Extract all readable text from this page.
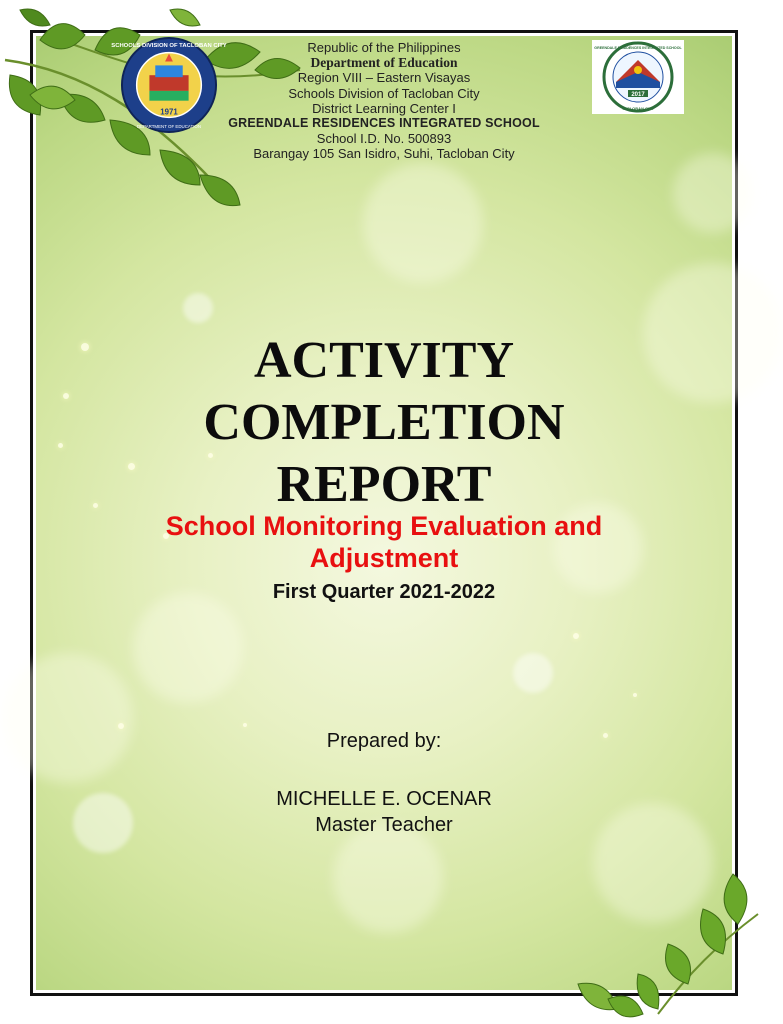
1971
SCHOOLS DIVISION OF TACLOBAN CITY
DEPARTMENT OF EDUCATION
2017
GREENDALE RESIDENCES INTEGRATED SCHOOL
TACLOBAN CITY
Republic of the Philippines
Department of Education
Region VIII – Eastern Visayas
Schools Division of Tacloban City
District Learning Center I
GREENDALE RESIDENCES INTEGRATED SCHOOL
School I.D. No. 500893
Barangay 105 San Isidro, Suhi, Tacloban City
ACTIVITY
COMPLETION
REPORT
School Monitoring Evaluation and
Adjustment
First Quarter 2021-2022
Prepared by:
MICHELLE E. OCENAR
Master Teacher
